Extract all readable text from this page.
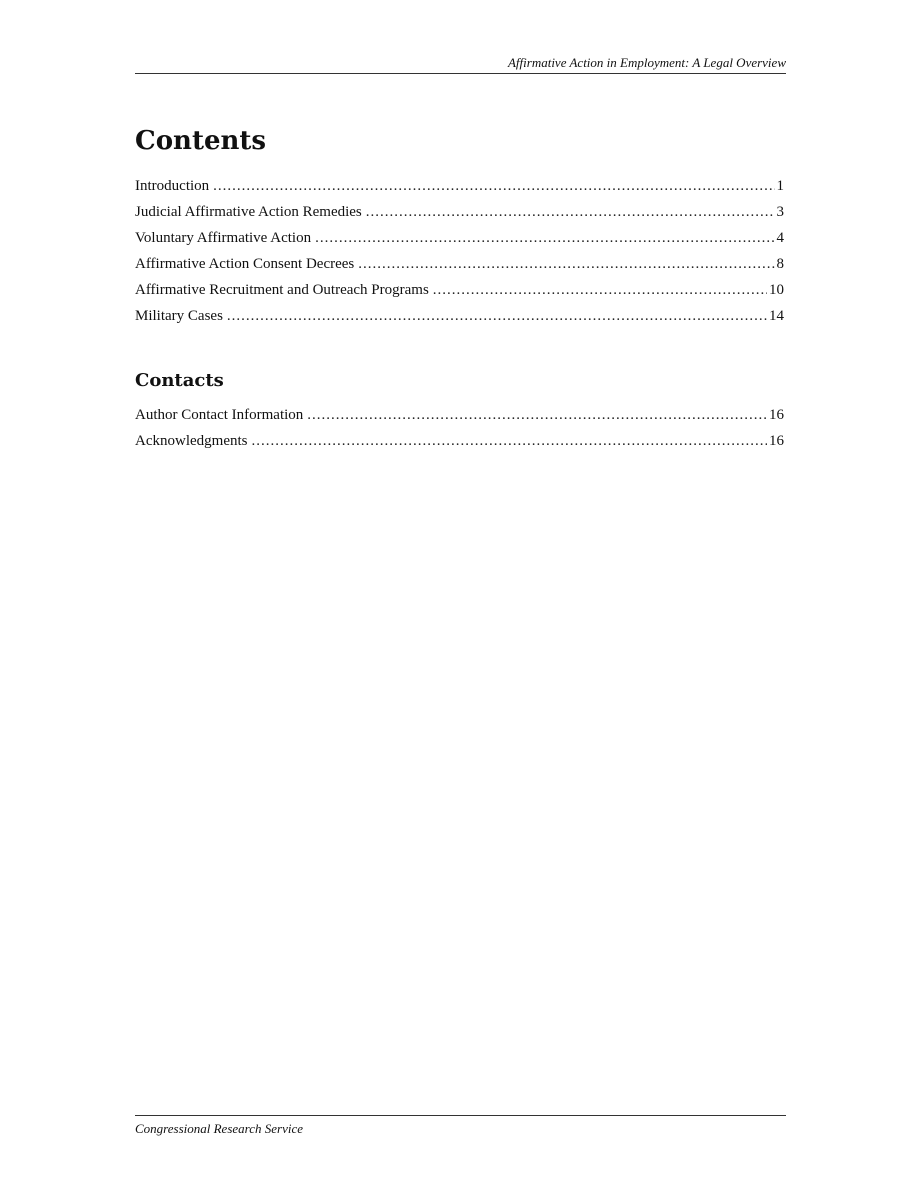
Affirmative Action in Employment: A Legal Overview
Contents
Introduction .....	1
Judicial Affirmative Action Remedies .....	3
Voluntary Affirmative Action .....	4
Affirmative Action Consent Decrees .....	8
Affirmative Recruitment and Outreach Programs .....	10
Military Cases .....	14
Contacts
Author Contact Information .....	16
Acknowledgments .....	16
Congressional Research Service
